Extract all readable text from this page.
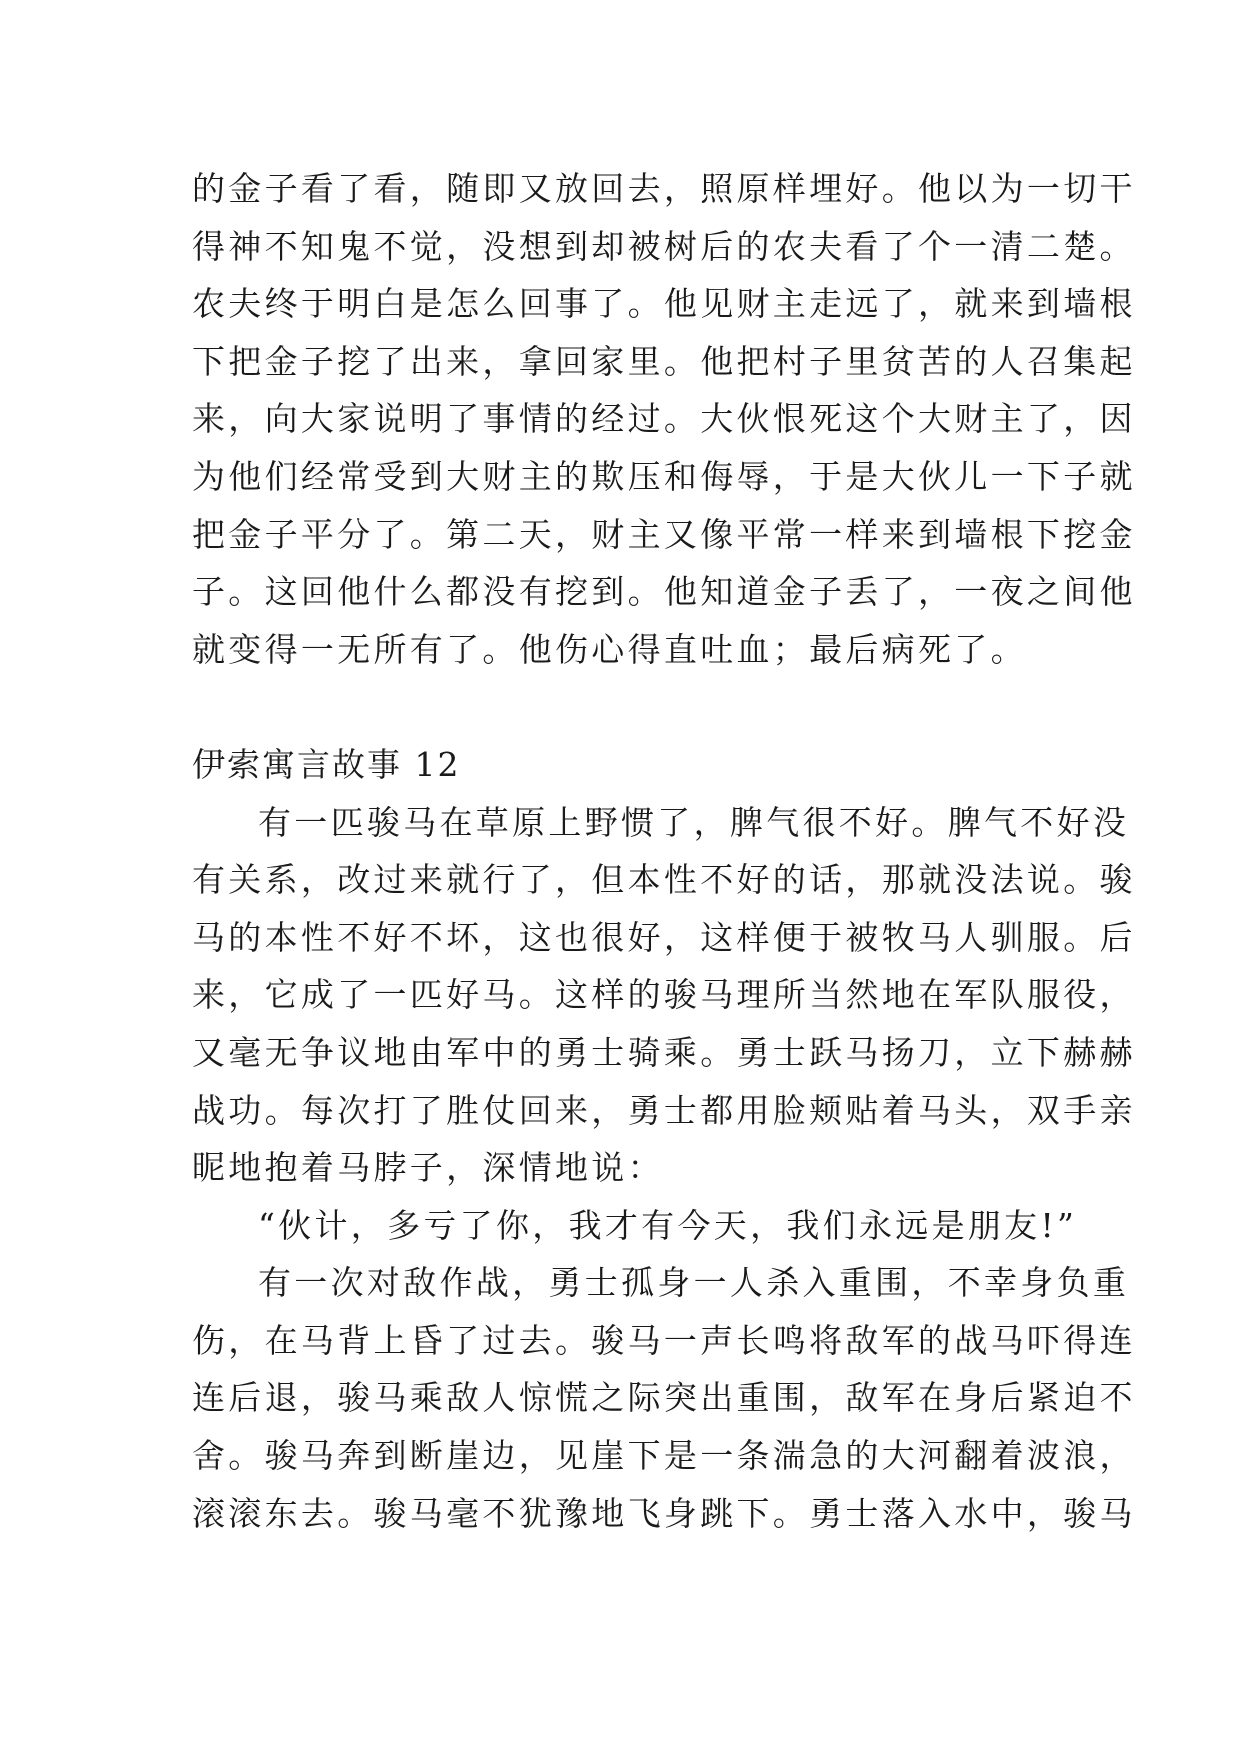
的金子看了看，随即又放回去，照原样埋好。他以为一切干
得神不知鬼不觉，没想到却被树后的农夫看了个一清二楚。
农夫终于明白是怎么回事了。他见财主走远了，就来到墙根
下把金子挖了出来，拿回家里。他把村子里贫苦的人召集起
来，向大家说明了事情的经过。大伙恨死这个大财主了，因
为他们经常受到大财主的欺压和侮辱，于是大伙儿一下子就
把金子平分了。第二天，财主又像平常一样来到墙根下挖金
子。这回他什么都没有挖到。他知道金子丢了，一夜之间他
就变得一无所有了。他伤心得直吐血；最后病死了。
伊索寓言故事 12
有一匹骏马在草原上野惯了，脾气很不好。脾气不好没
有关系，改过来就行了，但本性不好的话，那就没法说。骏
马的本性不好不坏，这也很好，这样便于被牧马人驯服。后
来，它成了一匹好马。这样的骏马理所当然地在军队服役，
又毫无争议地由军中的勇士骑乘。勇士跃马扬刀，立下赫赫
战功。每次打了胜仗回来，勇士都用脸颊贴着马头，双手亲
昵地抱着马脖子，深情地说：
“伙计，多亏了你，我才有今天，我们永远是朋友!”
有一次对敌作战，勇士孤身一人杀入重围，不幸身负重
伤，在马背上昏了过去。骏马一声长鸣将敌军的战马吓得连
连后退，骏马乘敌人惊慌之际突出重围，敌军在身后紧迫不
舍。骏马奔到断崖边，见崖下是一条湍急的大河翻着波浪，
滚滚东去。骏马毫不犹豫地飞身跳下。勇士落入水中，骏马
